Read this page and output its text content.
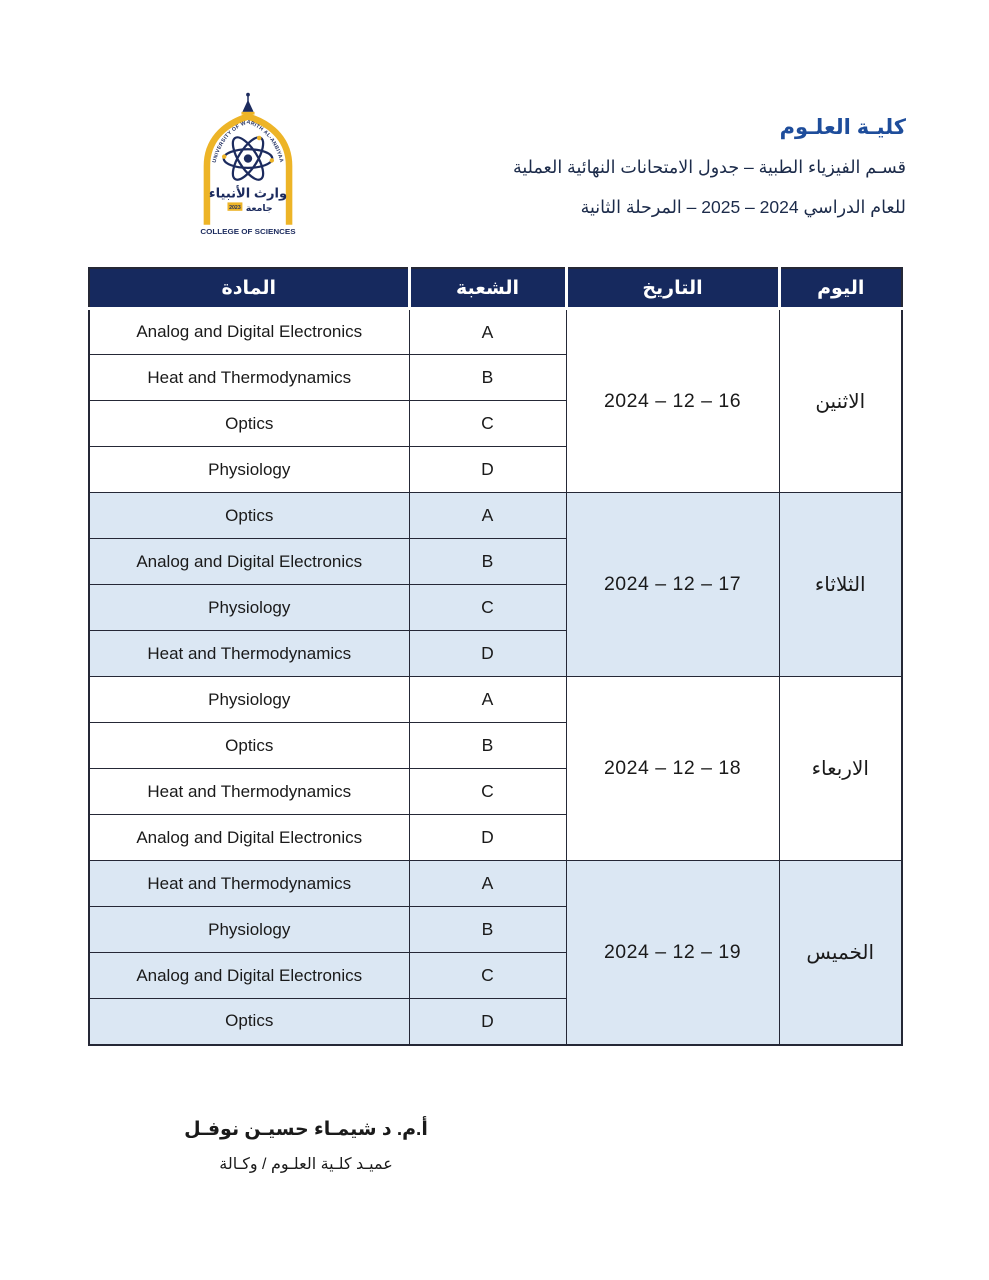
UNIVERSITY OF WARITH AL-ANBIYAA
وارث الأنبياء
2023 جامعة
COLLEGE OF SCIENCES
كليـة العلـوم

قسـم الفيزياء الطبية – جدول الامتحانات النهائية العملية

للعام الدراسي 2024 – 2025 – المرحلة الثانية

المادة	الشعبة	التاريخ	اليوم
Analog and Digital Electronics	A	2024 – 12 – 16	الاثنين
Heat and Thermodynamics	B		
Optics	C		
Physiology	D		
Optics	A	2024 – 12 – 17	الثلاثاء
Analog and Digital Electronics	B		
Physiology	C		
Heat and Thermodynamics	D		
Physiology	A	2024 – 12 – 18	الاربعاء
Optics	B		
Heat and Thermodynamics	C		
Analog and Digital Electronics	D		
Heat and Thermodynamics	A	2024 – 12 – 19	الخميس
Physiology	B		
Analog and Digital Electronics	C		
Optics	D		

أ.م. د شيمـاء حسيـن نوفـل

عميـد كلـية العلـوم / وكـالة
